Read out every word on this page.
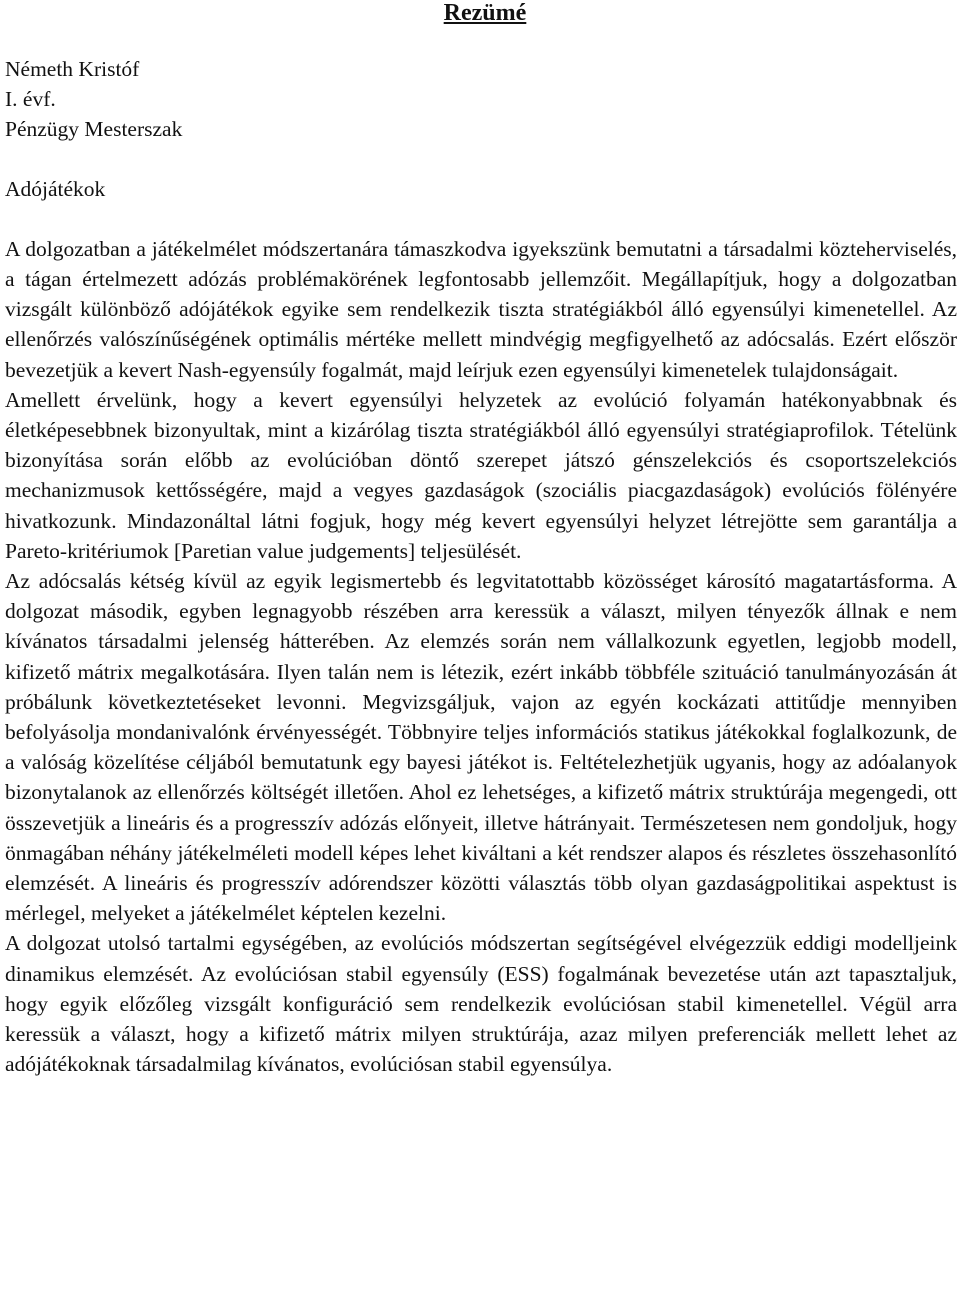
Rezümé
Németh Kristóf
I. évf.
Pénzügy Mesterszak
Adójátékok

A dolgozatban a játékelmélet módszertanára támaszkodva igyekszünk bemutatni a társadalmi közteherviselés, a tágan értelmezett adózás problémakörének legfontosabb jellemzőit. Megállapítjuk, hogy a dolgozatban vizsgált különböző adójátékok egyike sem rendelkezik tiszta stratégiákból álló egyensúlyi kimenetellel. Az ellenőrzés valószínűségének optimális mértéke mellett mindvégig megfigyelhető az adócsalás. Ezért először bevezetjük a kevert Nash-egyensúly fogalmát, majd leírjuk ezen egyensúlyi kimenetelek tulajdonságait.

Amellett érvelünk, hogy a kevert egyensúlyi helyzetek az evolúció folyamán hatékonyabbnak és életképesebbnek bizonyultak, mint a kizárólag tiszta stratégiákból álló egyensúlyi stratégiaprofilok. Tételünk bizonyítása során előbb az evolúcióban döntő szerepet játszó génszelekciós és csoportszelekciós mechanizmusok kettősségére, majd a vegyes gazdaságok (szociális piacgazdaságok) evolúciós fölényére hivatkozunk. Mindazonáltal látni fogjuk, hogy még kevert egyensúlyi helyzet létrejötte sem garantálja a Pareto-kritériumok [Paretian value judgements] teljesülését.

Az adócsalás kétség kívül az egyik legismertebb és legvitatottabb közösséget károsító magatartásforma. A dolgozat második, egyben legnagyobb részében arra keressük a választ, milyen tényezők állnak e nem kívánatos társadalmi jelenség hátterében. Az elemzés során nem vállalkozunk egyetlen, legjobb modell, kifizető mátrix megalkotására. Ilyen talán nem is létezik, ezért inkább többféle szituáció tanulmányozásán át próbálunk következtetéseket levonni. Megvizsgáljuk, vajon az egyén kockázati attitűdje mennyiben befolyásolja mondanivalónk érvényességét. Többnyire teljes információs statikus játékokkal foglalkozunk, de a valóság közelítése céljából bemutatunk egy bayesi játékot is. Feltételezhetjük ugyanis, hogy az adóalanyok bizonytalanok az ellenőrzés költségét illetően. Ahol ez lehetséges, a kifizető mátrix struktúrája megengedi, ott összevetjük a lineáris és a progresszív adózás előnyeit, illetve hátrányait. Természetesen nem gondoljuk, hogy önmagában néhány játékelméleti modell képes lehet kiváltani a két rendszer alapos és részletes összehasonlító elemzését. A lineáris és progresszív adórendszer közötti választás több olyan gazdaságpolitikai aspektust is mérlegel, melyeket a játékelmélet képtelen kezelni.

A dolgozat utolsó tartalmi egységében, az evolúciós módszertan segítségével elvégezzük eddigi modelljeink dinamikus elemzését. Az evolúciósan stabil egyensúly (ESS) fogalmának bevezetése után azt tapasztaljuk, hogy egyik előzőleg vizsgált konfiguráció sem rendelkezik evolúciósan stabil kimenetellel. Végül arra keressük a választ, hogy a kifizető mátrix milyen struktúrája, azaz milyen preferenciák mellett lehet az adójátékoknak társadalmilag kívánatos, evolúciósan stabil egyensúlya.
